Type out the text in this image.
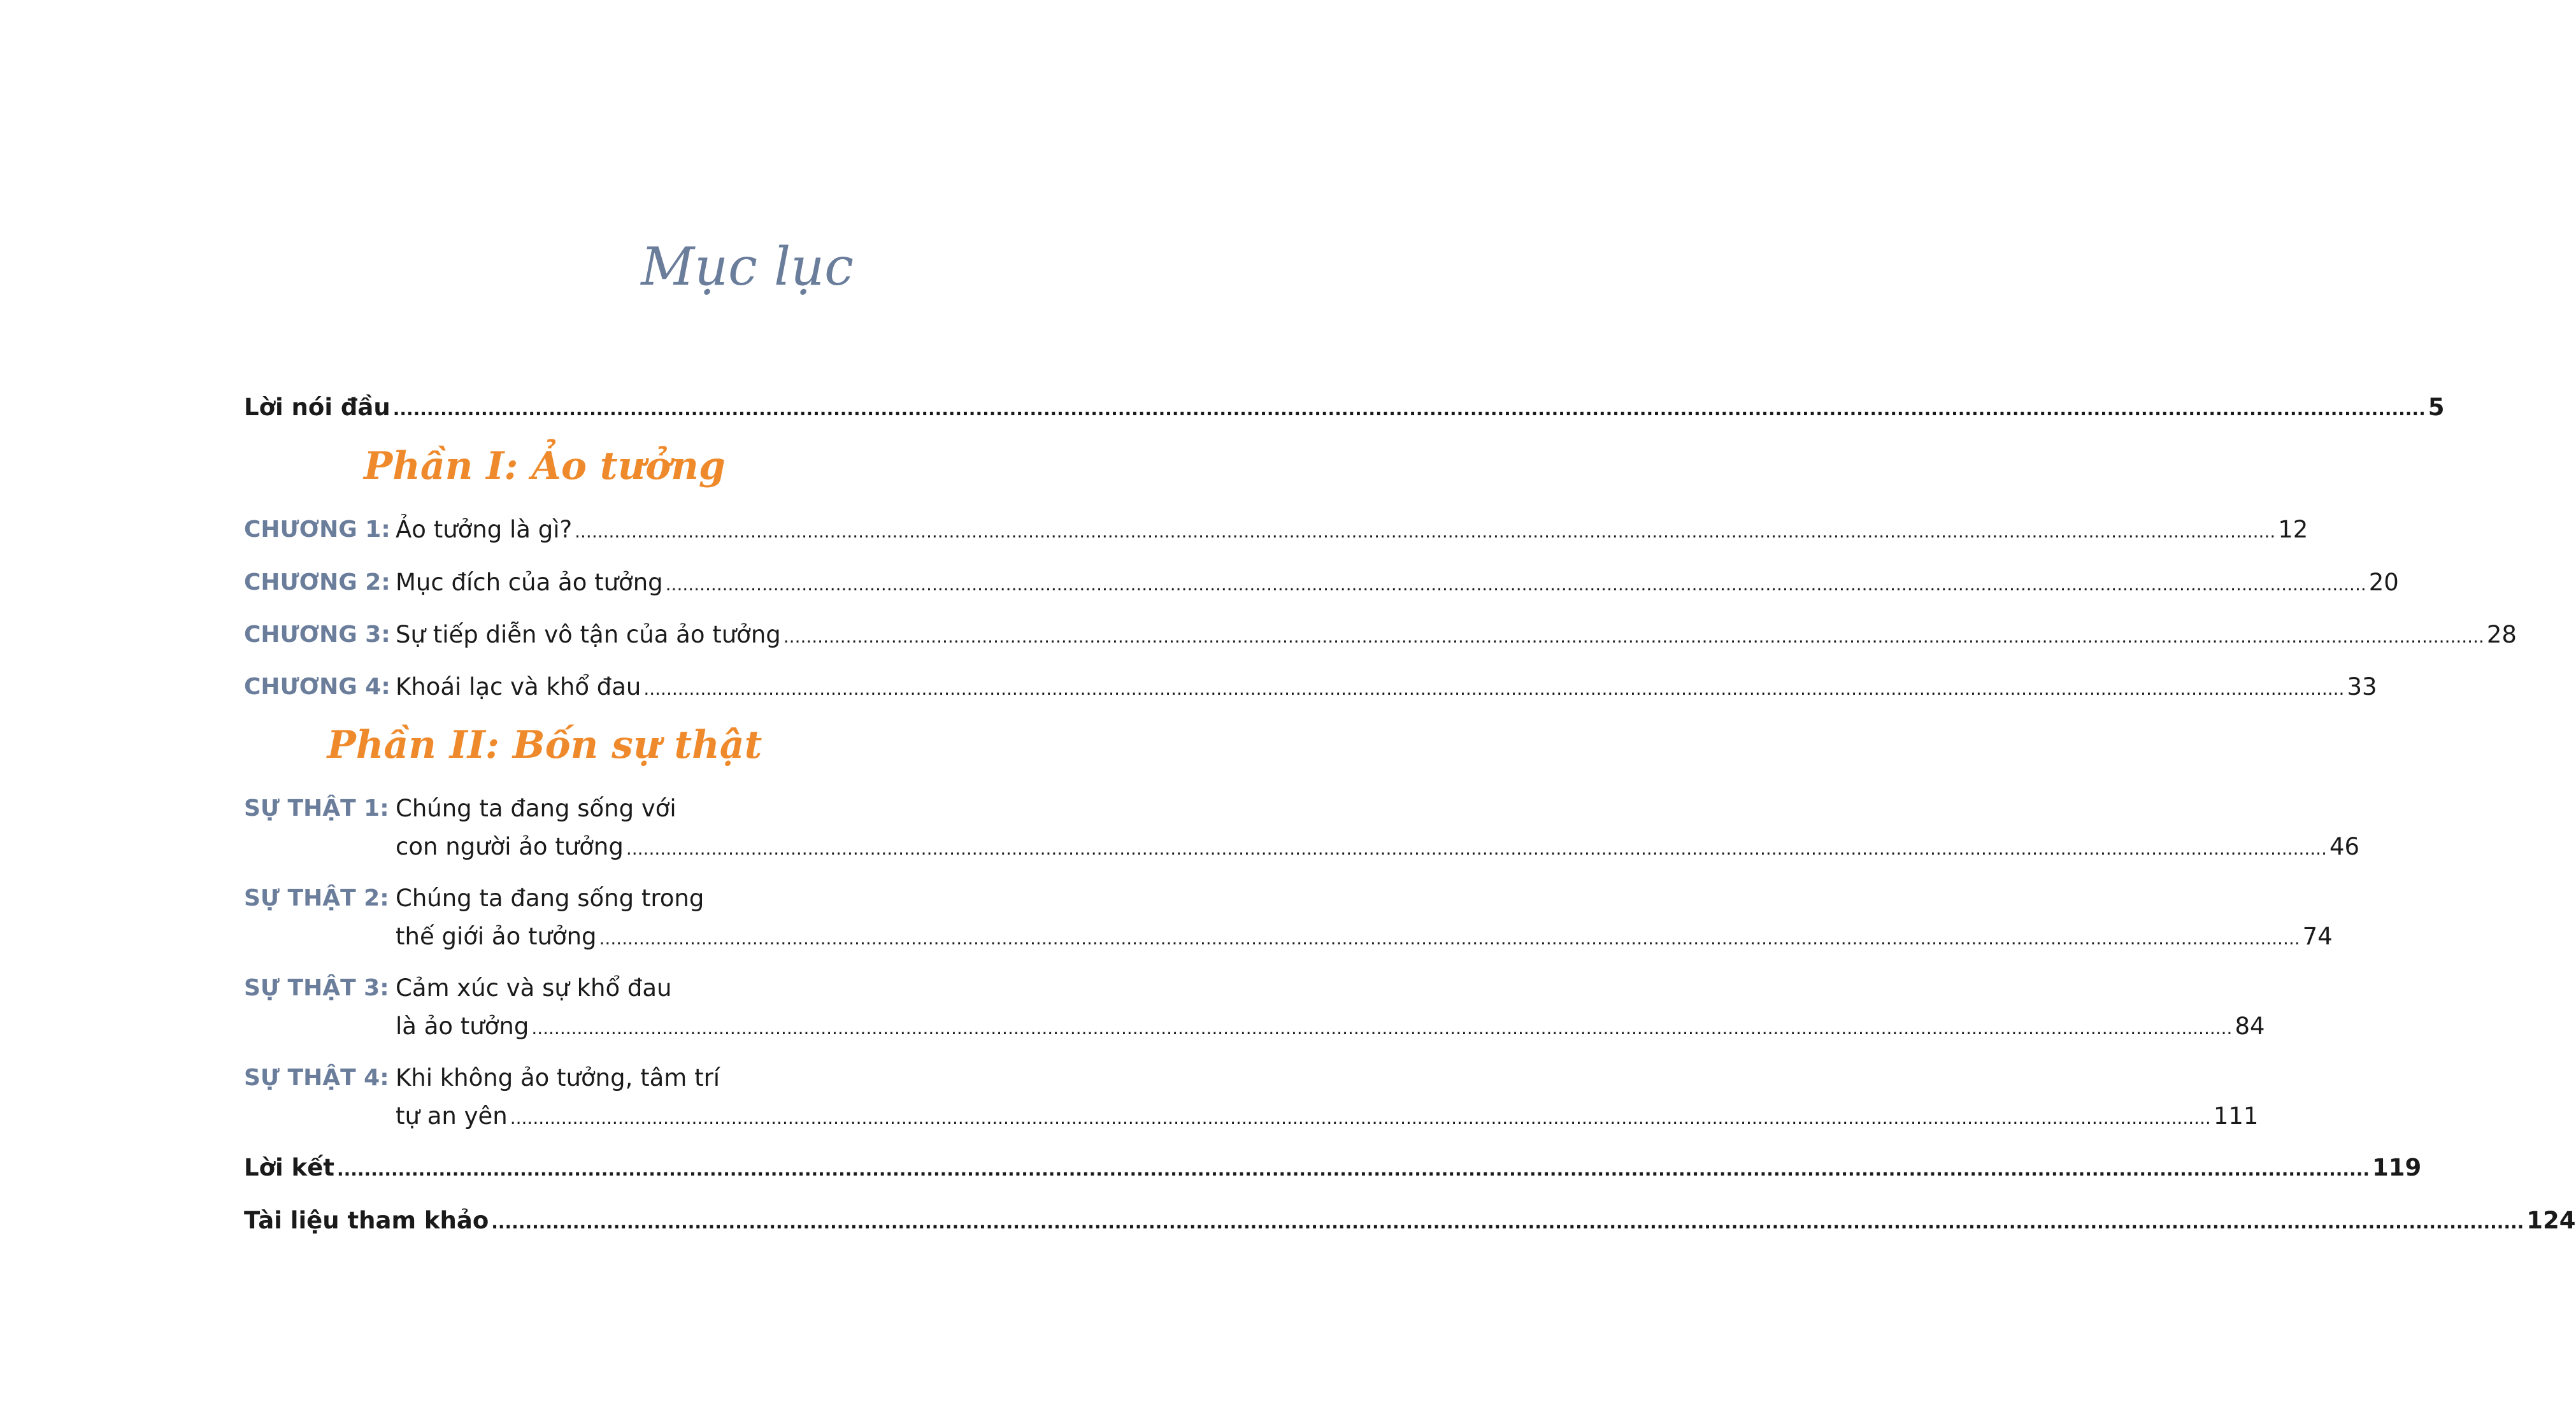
Mục lục
Lời nói đầu ............................................................................................................................................................................................................................................................................................................ 5
Phần I: Ảo tưởng
CHƯƠNG 1: Ảo tưởng là gì? ............................................................................................................................................................................................................................................................................................................ 12
CHƯƠNG 2: Mục đích của ảo tưởng ............................................................................................................................................................................................................................................................................................................ 20
CHƯƠNG 3: Sự tiếp diễn vô tận của ảo tưởng ............................................................................................................................................................................................................................................................................................................ 28
CHƯƠNG 4: Khoái lạc và khổ đau ............................................................................................................................................................................................................................................................................................................ 33
Phần II: Bốn sự thật
SỰ THẬT 1: Chúng ta đang sống với
con người ảo tưởng ............................................................................................................................................................................................................................................................................................................ 46
SỰ THẬT 2: Chúng ta đang sống trong
thế giới ảo tưởng ............................................................................................................................................................................................................................................................................................................ 74
SỰ THẬT 3: Cảm xúc và sự khổ đau
là ảo tưởng ............................................................................................................................................................................................................................................................................................................ 84
SỰ THẬT 4: Khi không ảo tưởng, tâm trí
tự an yên ............................................................................................................................................................................................................................................................................................................ 111
Lời kết ............................................................................................................................................................................................................................................................................................................ 119
Tài liệu tham khảo ............................................................................................................................................................................................................................................................................................................ 124
